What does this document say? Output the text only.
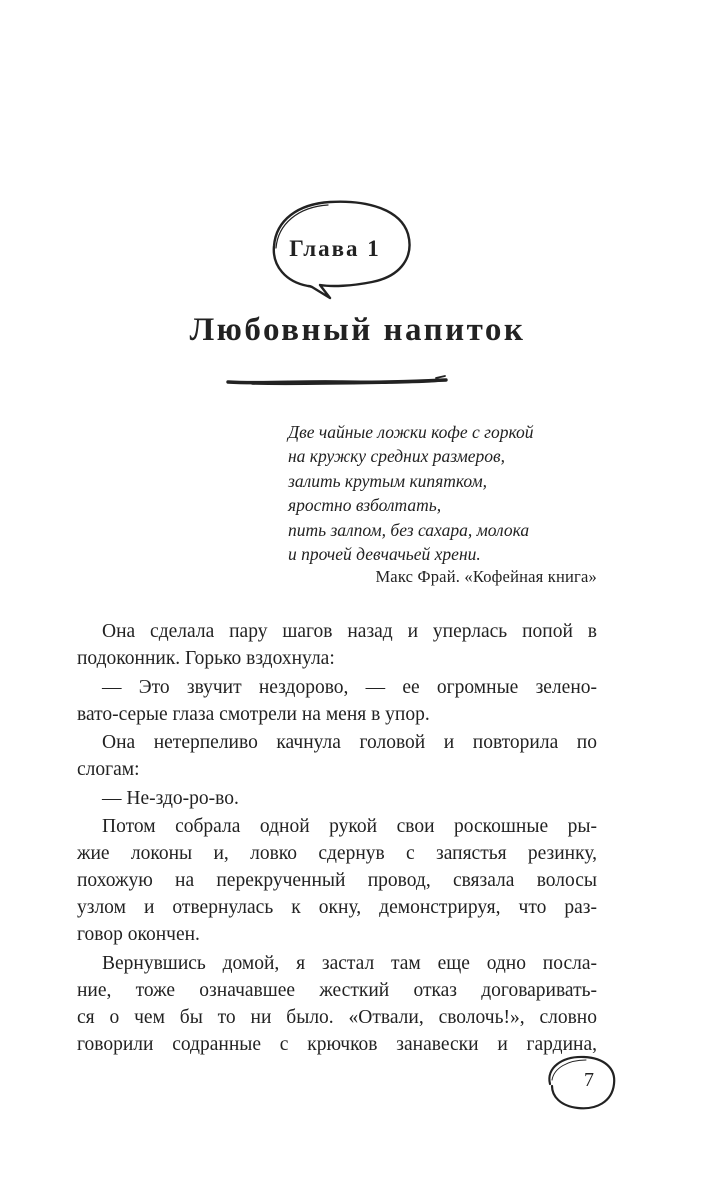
Глава 1
Любовный напиток
Две чайные ложки кофе с горкой
на кружку средних размеров,
залить крутым кипятком,
яростно взболтать,
пить залпом, без сахара, молока
и прочей девчачьей хрени.
Макс Фрай. «Кофейная книга»

Она сделала пару шагов назад и уперлась попой в
подоконник. Горько вздохнула:

— Это звучит нездорово, — ее огромные зелено-
вато-серые глаза смотрели на меня в упор.

Она нетерпеливо качнула головой и повторила по
слогам:

— Не-здо-ро-во.

Потом собрала одной рукой свои роскошные ры-
жие локоны и, ловко сдернув с запястья резинку,
похожую на перекрученный провод, связала волосы
узлом и отвернулась к окну, демонстрируя, что раз-
говор окончен.

Вернувшись домой, я застал там еще одно посла-
ние, тоже означавшее жесткий отказ договаривать-
ся о чем бы то ни было. «Отвали, сволочь!», словно
говорили содранные с крючков занавески и гардина,

7
